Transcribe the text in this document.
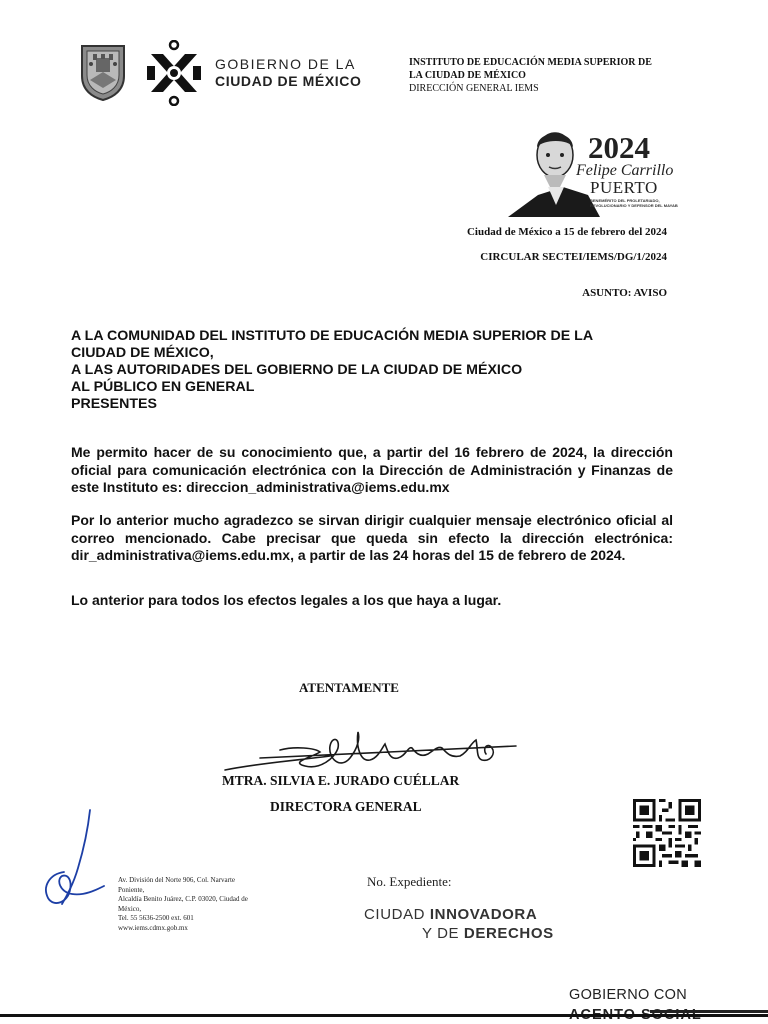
GOBIERNO DE LA
CIUDAD DE MÉXICO
INSTITUTO DE EDUCACIÓN MEDIA SUPERIOR DE
LA CIUDAD DE MÉXICO
DIRECCIÓN GENERAL IEMS
2024
Felipe Carrillo
PUERTO
BENEMÉRITO DEL PROLETARIADO, REVOLUCIONARIO Y DEFENSOR DEL MAYAB
Ciudad de México a 15 de febrero del 2024
CIRCULAR SECTEI/IEMS/DG/1/2024
ASUNTO: AVISO
A LA COMUNIDAD DEL INSTITUTO DE EDUCACIÓN MEDIA SUPERIOR DE LA
CIUDAD DE MÉXICO,
A LAS AUTORIDADES DEL GOBIERNO DE LA CIUDAD DE MÉXICO
AL PÚBLICO EN GENERAL
PRESENTES
Me permito hacer de su conocimiento que, a partir del 16 febrero de 2024, la dirección oficial para comunicación electrónica con la Dirección de Administración y Finanzas de este Instituto es: direccion_administrativa@iems.edu.mx
Por lo anterior mucho agradezco se sirvan dirigir cualquier mensaje electrónico oficial al correo mencionado. Cabe precisar que queda sin efecto la dirección electrónica: dir_administrativa@iems.edu.mx, a partir de las 24 horas del 15 de febrero de 2024.
Lo anterior para todos los efectos legales a los que haya a lugar.
ATENTAMENTE
MTRA. SILVIA E. JURADO CUÉLLAR
DIRECTORA GENERAL
Av. División del Norte 906, Col. Narvarte
Poniente,
Alcaldía Benito Juárez, C.P. 03020, Ciudad de
México,
Tel. 55 5636-2500 ext. 601
www.iems.cdmx.gob.mx
No. Expediente:
CIUDAD INNOVADORA
Y DE DERECHOS
GOBIERNO CON
